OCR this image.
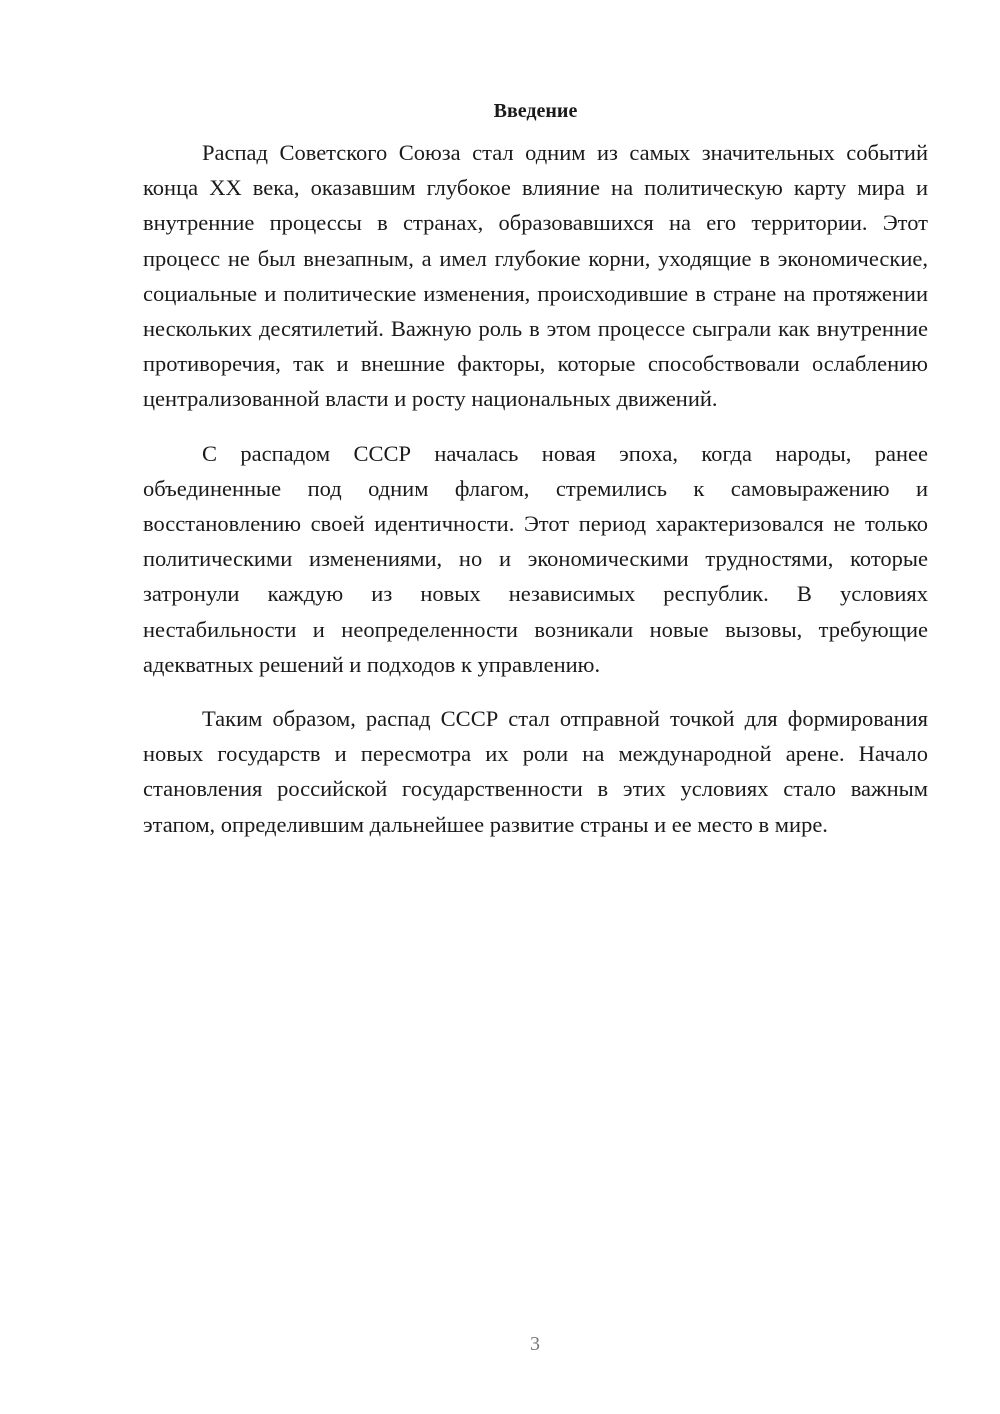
Введение

Распад Советского Союза стал одним из самых значительных событий конца XX века, оказавшим глубокое влияние на политическую карту мира и внутренние процессы в странах, образовавшихся на его территории. Этот процесс не был внезапным, а имел глубокие корни, уходящие в экономические, социальные и политические изменения, происходившие в стране на протяжении нескольких десятилетий. Важную роль в этом процессе сыграли как внутренние противоречия, так и внешние факторы, которые способствовали ослаблению централизованной власти и росту национальных движений.

С распадом СССР началась новая эпоха, когда народы, ранее объединенные под одним флагом, стремились к самовыражению и восстановлению своей идентичности. Этот период характеризовался не только политическими изменениями, но и экономическими трудностями, которые затронули каждую из новых независимых республик. В условиях нестабильности и неопределенности возникали новые вызовы, требующие адекватных решений и подходов к управлению.

Таким образом, распад СССР стал отправной точкой для формирования новых государств и пересмотра их роли на международной арене. Начало становления российской государственности в этих условиях стало важным этапом, определившим дальнейшее развитие страны и ее место в мире.

3
